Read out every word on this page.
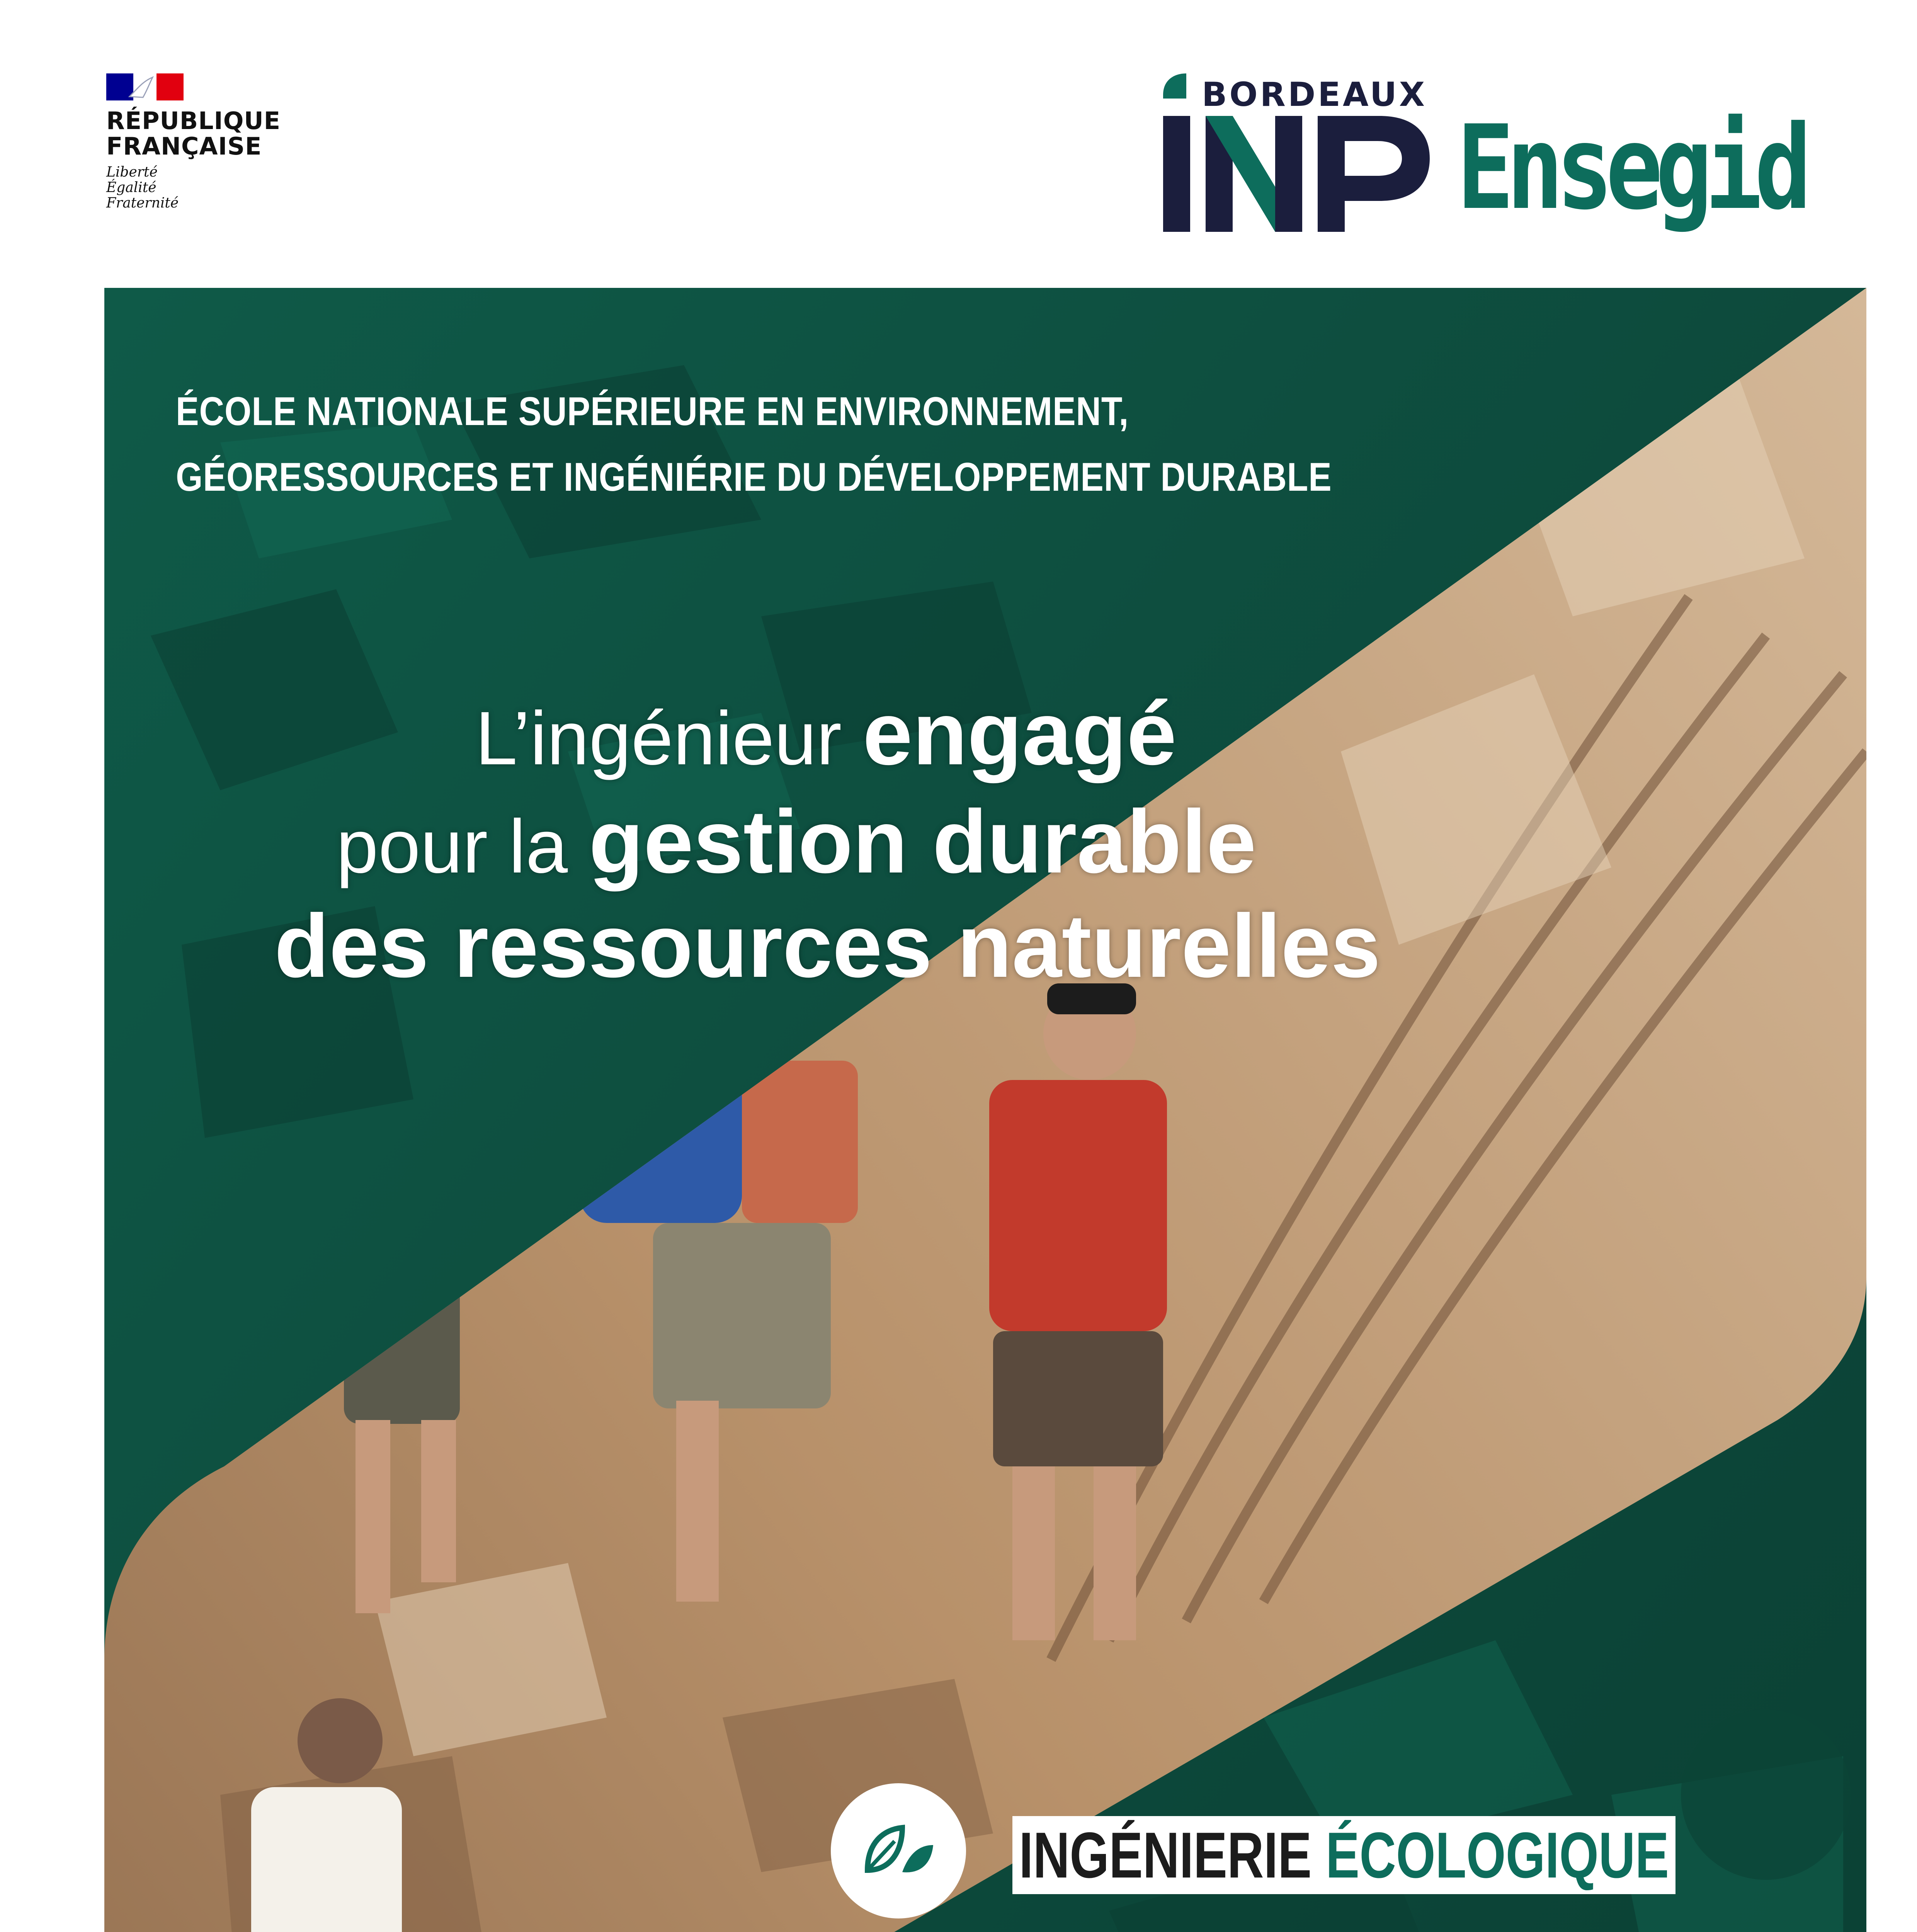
RÉPUBLIQUE
FRANÇAISE
Liberté
Égalité
Fraternité
BORDEAUX
Ensegid
ÉCOLE NATIONALE SUPÉRIEURE EN ENVIRONNEMENT,
GÉORESSOURCES ET INGÉNIÉRIE DU DÉVELOPPEMENT DURABLE
L’ingénieur engagé
pour la gestion durable
des ressources naturelles
INGÉNIERIE ÉCOLOGIQUE
